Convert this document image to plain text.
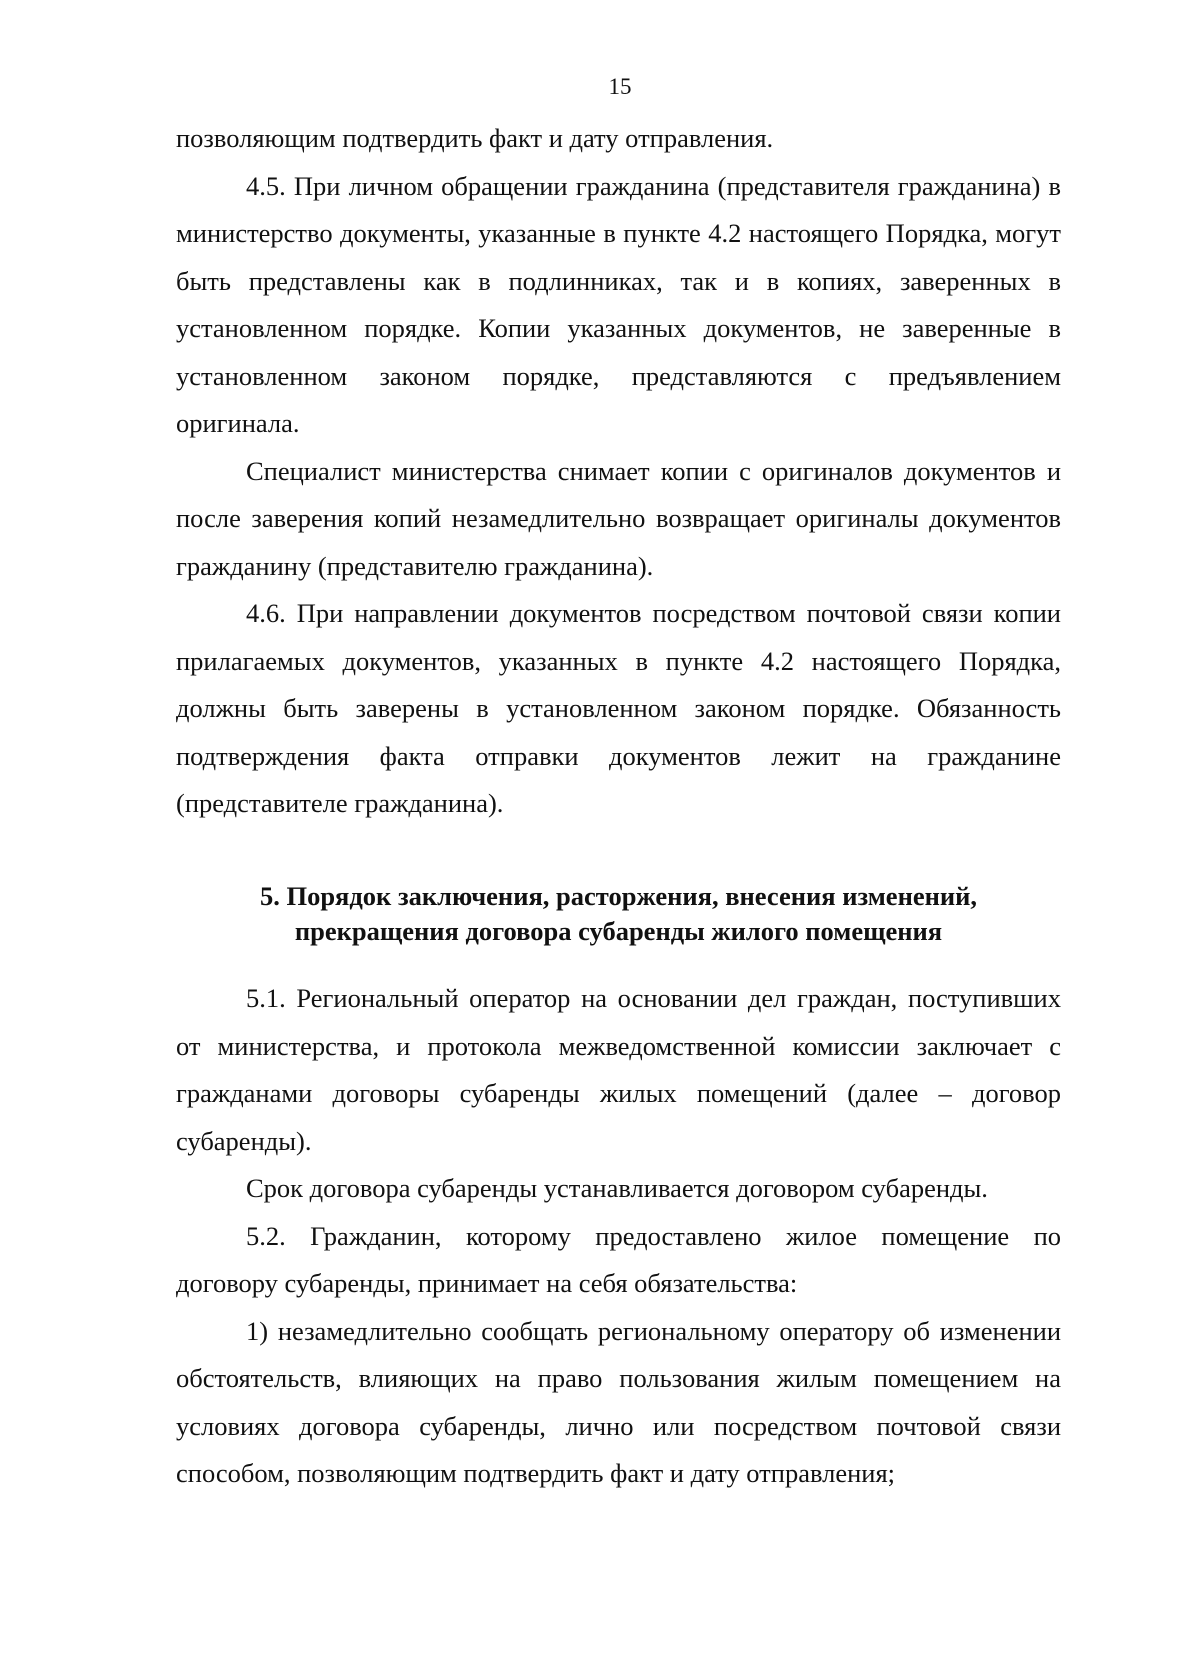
15

позволяющим подтвердить факт и дату отправления.

4.5. При личном обращении гражданина (представителя гражданина) в министерство документы, указанные в пункте 4.2 настоящего Порядка, могут быть представлены как в подлинниках, так и в копиях, заверенных в установленном порядке. Копии указанных документов, не заверенные в установленном законом порядке, представляются с предъявлением оригинала.

Специалист министерства снимает копии с оригиналов документов и после заверения копий незамедлительно возвращает оригиналы документов гражданину (представителю гражданина).

4.6. При направлении документов посредством почтовой связи копии прилагаемых документов, указанных в пункте 4.2 настоящего Порядка, должны быть заверены в установленном законом порядке. Обязанность подтверждения факта отправки документов лежит на гражданине (представителе гражданина).

5. Порядок заключения, расторжения, внесения изменений,
прекращения договора субаренды жилого помещения

5.1. Региональный оператор на основании дел граждан, поступивших от министерства, и протокола межведомственной комиссии заключает с гражданами договоры субаренды жилых помещений (далее – договор субаренды).

Срок договора субаренды устанавливается договором субаренды.

5.2. Гражданин, которому предоставлено жилое помещение по договору субаренды, принимает на себя обязательства:

1) незамедлительно сообщать региональному оператору об изменении обстоятельств, влияющих на право пользования жилым помещением на условиях договора субаренды, лично или посредством почтовой связи способом, позволяющим подтвердить факт и дату отправления;
